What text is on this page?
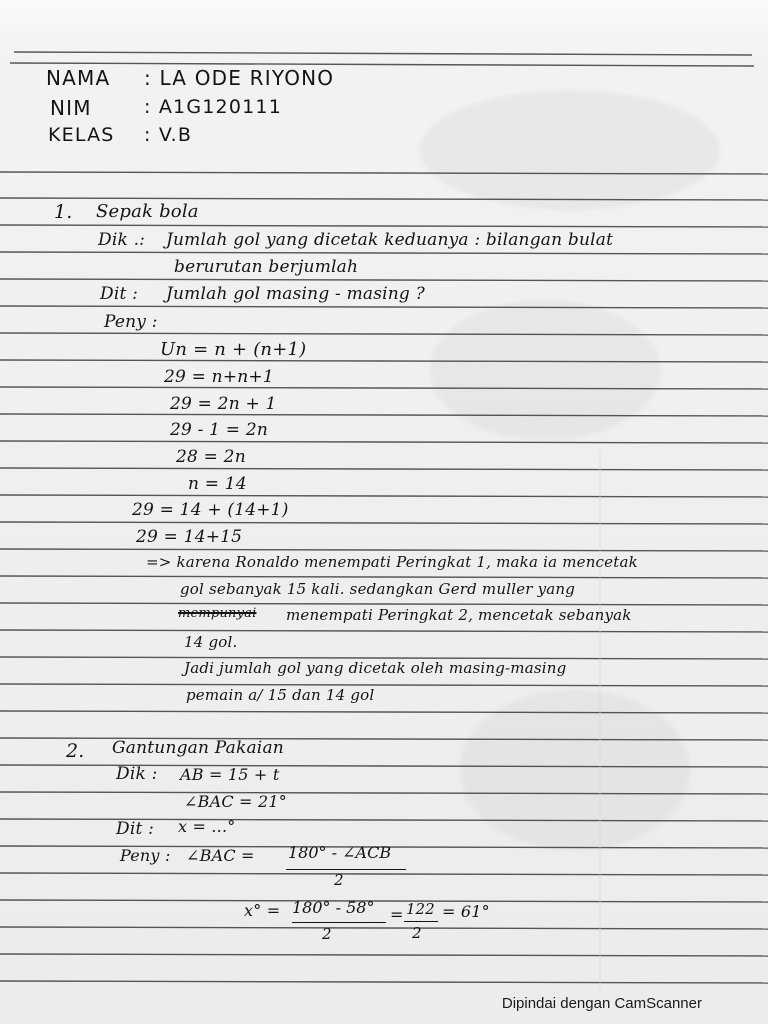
NAMA : LA ODE RIYONO
NIM	: A1G120111
KELAS : V.B
1. Sepak bola
Dik .: Jumlah gol yang dicetak keduanya : bilangan bulat
berurutan berjumlah
Dit : Jumlah gol masing - masing ?
Peny :
Un = n + (n+1)
29 = n+n+1
29 = 2n + 1
29 - 1 = 2n
28 = 2n
n = 14
29 = 14 + (14+1)
29 = 14+15
=> karena Ronaldo menempati Peringkat 1, maka ia mencetak
gol sebanyak 15 kali. sedangkan Gerd muller yang
mempunyai menempati Peringkat 2, mencetak sebanyak
14 gol.
Jadi jumlah gol yang dicetak oleh masing-masing
pemain a/ 15 dan 14 gol
2. Gantungan Pakaian
Dik : AB = 15 + t
∠BAC = 21°
Dit : x = ...°
Peny : ∠BAC = 180° - ∠ACB
2
x° = 180° - 58°
2
= 122
2
= 61°
Dipindai dengan CamScanner
